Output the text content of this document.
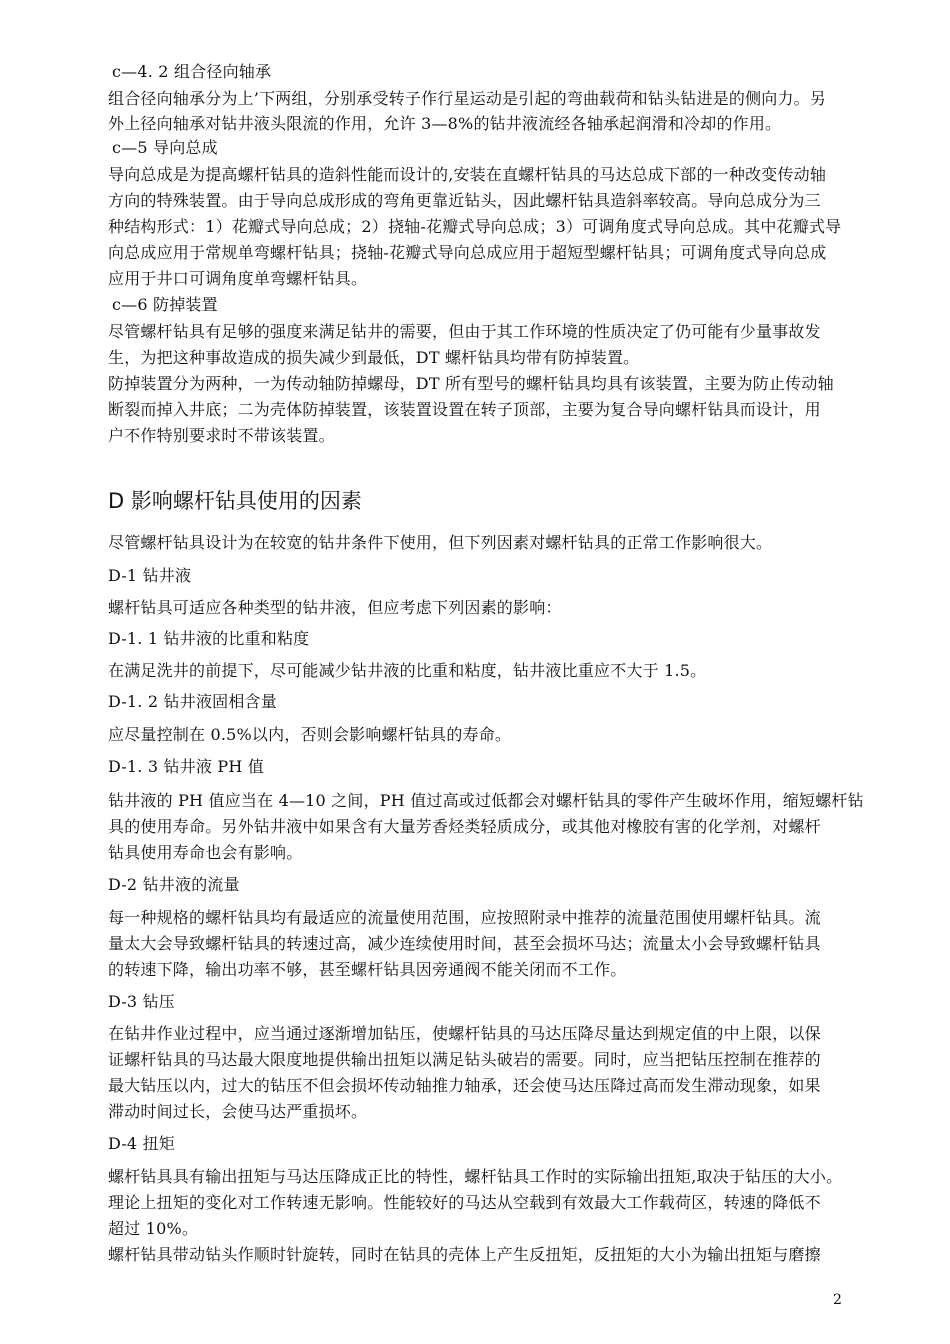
c—4. 2 组合径向轴承
组合径向轴承分为上’下两组，分别承受转子作行星运动是引起的弯曲载荷和钻头钻进是的侧向力。另
外上径向轴承对钻井液头限流的作用，允许 3—8%的钻井液流经各轴承起润滑和冷却的作用。
c—5 导向总成
导向总成是为提高螺杆钻具的造斜性能而设计的,安装在直螺杆钻具的马达总成下部的一种改变传动轴
方向的特殊装置。由于导向总成形成的弯角更靠近钻头，因此螺杆钻具造斜率较高。导向总成分为三
种结构形式：1）花瓣式导向总成；2）挠轴-花瓣式导向总成；3）可调角度式导向总成。其中花瓣式导
向总成应用于常规单弯螺杆钻具；挠轴-花瓣式导向总成应用于超短型螺杆钻具；可调角度式导向总成
应用于井口可调角度单弯螺杆钻具。
c—6 防掉装置
尽管螺杆钻具有足够的强度来满足钻井的需要，但由于其工作环境的性质决定了仍可能有少量事故发
生，为把这种事故造成的损失减少到最低，DT 螺杆钻具均带有防掉装置。
防掉装置分为两种，一为传动轴防掉螺母，DT 所有型号的螺杆钻具均具有该装置，主要为防止传动轴
断裂而掉入井底；二为壳体防掉装置，该装置设置在转子顶部，主要为复合导向螺杆钻具而设计，用
户不作特别要求时不带该装置。
D 影响螺杆钻具使用的因素
尽管螺杆钻具设计为在较宽的钻井条件下使用，但下列因素对螺杆钻具的正常工作影响很大。
D-1 钻井液
螺杆钻具可适应各种类型的钻井液，但应考虑下列因素的影响：
D-1. 1 钻井液的比重和粘度
在满足洗井的前提下，尽可能减少钻井液的比重和粘度，钻井液比重应不大于 1.5。
D-1. 2 钻井液固相含量
应尽量控制在 0.5%以内，否则会影响螺杆钻具的寿命。
D-1. 3 钻井液 PH 值
钻井液的 PH 值应当在 4—10 之间，PH 值过高或过低都会对螺杆钻具的零件产生破坏作用，缩短螺杆钻
具的使用寿命。另外钻井液中如果含有大量芳香烃类轻质成分，或其他对橡胶有害的化学剂，对螺杆
钻具使用寿命也会有影响。
D-2 钻井液的流量
每一种规格的螺杆钻具均有最适应的流量使用范围，应按照附录中推荐的流量范围使用螺杆钻具。流
量太大会导致螺杆钻具的转速过高，减少连续使用时间，甚至会损坏马达；流量太小会导致螺杆钻具
的转速下降，输出功率不够，甚至螺杆钻具因旁通阀不能关闭而不工作。
D-3 钻压
在钻井作业过程中，应当通过逐渐增加钻压，使螺杆钻具的马达压降尽量达到规定值的中上限，以保
证螺杆钻具的马达最大限度地提供输出扭矩以满足钻头破岩的需要。同时，应当把钻压控制在推荐的
最大钻压以内，过大的钻压不但会损坏传动轴推力轴承，还会使马达压降过高而发生滞动现象，如果
滞动时间过长，会使马达严重损坏。
D-4 扭矩
螺杆钻具具有输出扭矩与马达压降成正比的特性，螺杆钻具工作时的实际输出扭矩,取决于钻压的大小。
理论上扭矩的变化对工作转速无影响。性能较好的马达从空载到有效最大工作载荷区，转速的降低不
超过 10%。
螺杆钻具带动钻头作顺时针旋转，同时在钻具的壳体上产生反扭矩，反扭矩的大小为输出扭矩与磨擦
2
